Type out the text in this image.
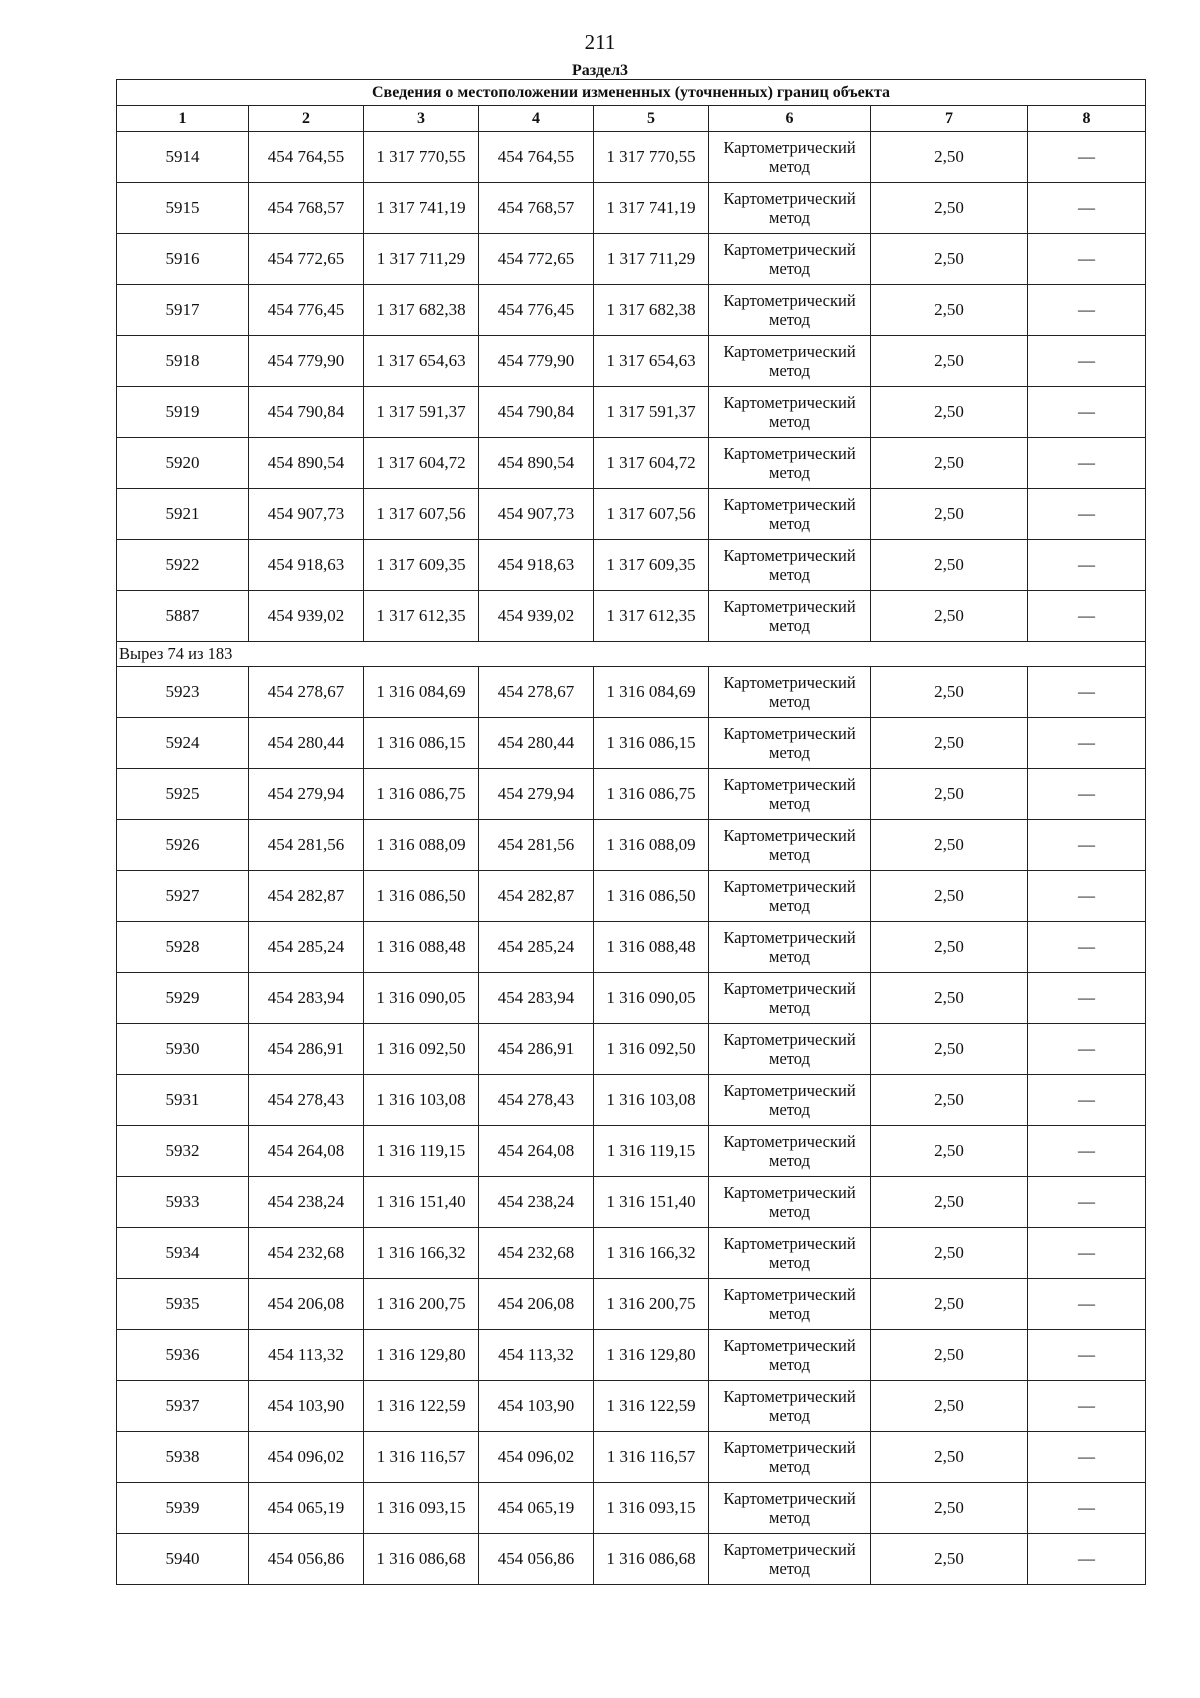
211
Раздел3
Сведения о местоположении измененных (уточненных) границ объекта							
1	2	3	4	5	6	7	8
5914	454 764,55	1 317 770,55	454 764,55	1 317 770,55	Картометрический метод	2,50	—
5915	454 768,57	1 317 741,19	454 768,57	1 317 741,19	Картометрический метод	2,50	—
5916	454 772,65	1 317 711,29	454 772,65	1 317 711,29	Картометрический метод	2,50	—
5917	454 776,45	1 317 682,38	454 776,45	1 317 682,38	Картометрический метод	2,50	—
5918	454 779,90	1 317 654,63	454 779,90	1 317 654,63	Картометрический метод	2,50	—
5919	454 790,84	1 317 591,37	454 790,84	1 317 591,37	Картометрический метод	2,50	—
5920	454 890,54	1 317 604,72	454 890,54	1 317 604,72	Картометрический метод	2,50	—
5921	454 907,73	1 317 607,56	454 907,73	1 317 607,56	Картометрический метод	2,50	—
5922	454 918,63	1 317 609,35	454 918,63	1 317 609,35	Картометрический метод	2,50	—
5887	454 939,02	1 317 612,35	454 939,02	1 317 612,35	Картометрический метод	2,50	—
Вырез 74 из 183							
5923	454 278,67	1 316 084,69	454 278,67	1 316 084,69	Картометрический метод	2,50	—
5924	454 280,44	1 316 086,15	454 280,44	1 316 086,15	Картометрический метод	2,50	—
5925	454 279,94	1 316 086,75	454 279,94	1 316 086,75	Картометрический метод	2,50	—
5926	454 281,56	1 316 088,09	454 281,56	1 316 088,09	Картометрический метод	2,50	—
5927	454 282,87	1 316 086,50	454 282,87	1 316 086,50	Картометрический метод	2,50	—
5928	454 285,24	1 316 088,48	454 285,24	1 316 088,48	Картометрический метод	2,50	—
5929	454 283,94	1 316 090,05	454 283,94	1 316 090,05	Картометрический метод	2,50	—
5930	454 286,91	1 316 092,50	454 286,91	1 316 092,50	Картометрический метод	2,50	—
5931	454 278,43	1 316 103,08	454 278,43	1 316 103,08	Картометрический метод	2,50	—
5932	454 264,08	1 316 119,15	454 264,08	1 316 119,15	Картометрический метод	2,50	—
5933	454 238,24	1 316 151,40	454 238,24	1 316 151,40	Картометрический метод	2,50	—
5934	454 232,68	1 316 166,32	454 232,68	1 316 166,32	Картометрический метод	2,50	—
5935	454 206,08	1 316 200,75	454 206,08	1 316 200,75	Картометрический метод	2,50	—
5936	454 113,32	1 316 129,80	454 113,32	1 316 129,80	Картометрический метод	2,50	—
5937	454 103,90	1 316 122,59	454 103,90	1 316 122,59	Картометрический метод	2,50	—
5938	454 096,02	1 316 116,57	454 096,02	1 316 116,57	Картометрический метод	2,50	—
5939	454 065,19	1 316 093,15	454 065,19	1 316 093,15	Картометрический метод	2,50	—
5940	454 056,86	1 316 086,68	454 056,86	1 316 086,68	Картометрический метод	2,50	—
